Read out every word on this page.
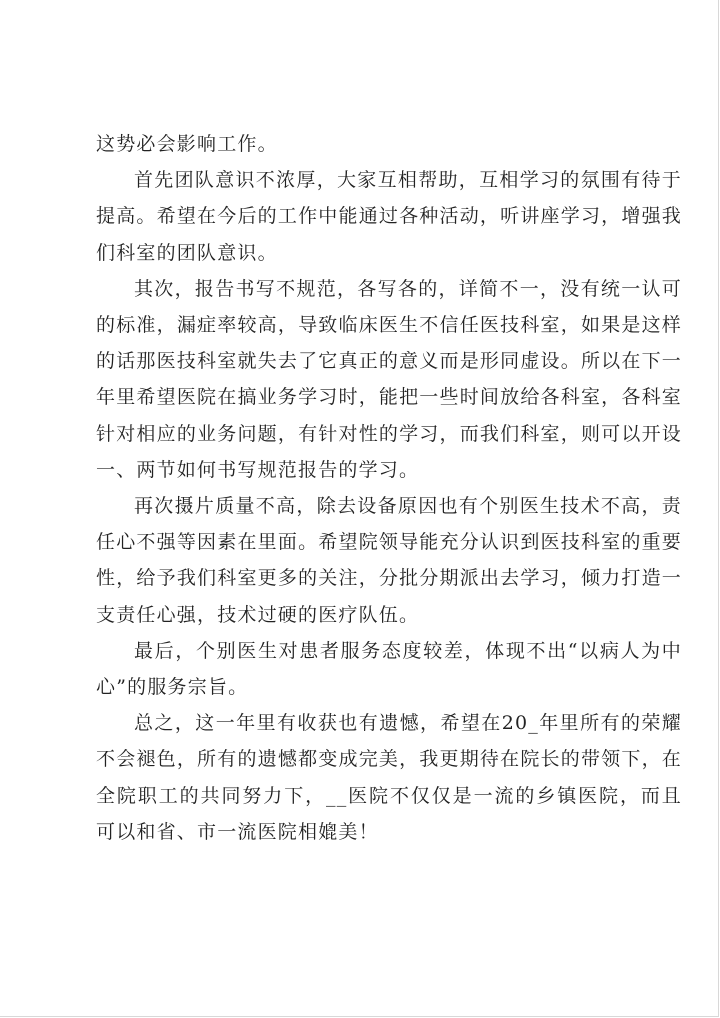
这势必会影响工作。

首先团队意识不浓厚，大家互相帮助，互相学习的氛围有待于提高。希望在今后的工作中能通过各种活动，听讲座学习，增强我们科室的团队意识。

其次，报告书写不规范，各写各的，详简不一，没有统一认可的标准，漏症率较高，导致临床医生不信任医技科室，如果是这样的话那医技科室就失去了它真正的意义而是形同虚设。所以在下一年里希望医院在搞业务学习时，能把一些时间放给各科室，各科室针对相应的业务问题，有针对性的学习，而我们科室，则可以开设一、两节如何书写规范报告的学习。

再次摄片质量不高，除去设备原因也有个别医生技术不高，责任心不强等因素在里面。希望院领导能充分认识到医技科室的重要性，给予我们科室更多的关注，分批分期派出去学习，倾力打造一支责任心强，技术过硬的医疗队伍。

最后，个别医生对患者服务态度较差，体现不出“以病人为中心”的服务宗旨。

总之，这一年里有收获也有遗憾，希望在20_年里所有的荣耀不会褪色，所有的遗憾都变成完美，我更期待在院长的带领下，在全院职工的共同努力下，__医院不仅仅是一流的乡镇医院，而且可以和省、市一流医院相媲美！
